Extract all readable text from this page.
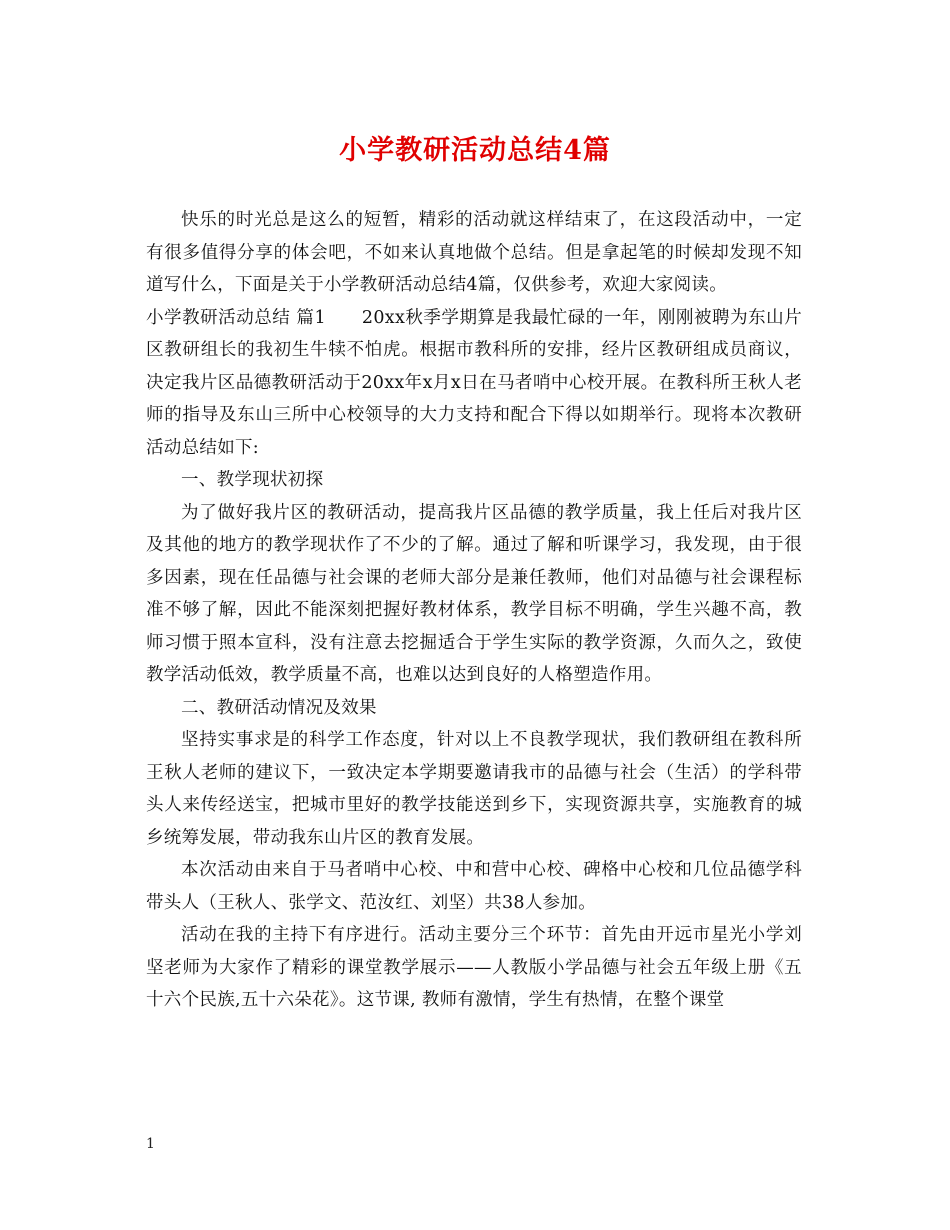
小学教研活动总结4篇

快乐的时光总是这么的短暂，精彩的活动就这样结束了，在这段活动中，一定有很多值得分享的体会吧，不如来认真地做个总结。但是拿起笔的时候却发现不知道写什么，下面是关于小学教研活动总结4篇，仅供参考，欢迎大家阅读。

小学教研活动总结 篇1 20xx秋季学期算是我最忙碌的一年，刚刚被聘为东山片区教研组长的我初生牛犊不怕虎。根据市教科所的安排，经片区教研组成员商议，决定我片区品德教研活动于20xx年x月x日在马者哨中心校开展。在教科所王秋人老师的指导及东山三所中心校领导的大力支持和配合下得以如期举行。现将本次教研活动总结如下:

一、教学现状初探

为了做好我片区的教研活动，提高我片区品德的教学质量，我上任后对我片区及其他的地方的教学现状作了不少的了解。通过了解和听课学习，我发现，由于很多因素，现在任品德与社会课的老师大部分是兼任教师，他们对品德与社会课程标准不够了解，因此不能深刻把握好教材体系，教学目标不明确，学生兴趣不高，教师习惯于照本宣科，没有注意去挖掘适合于学生实际的教学资源，久而久之，致使教学活动低效，教学质量不高，也难以达到良好的人格塑造作用。

二、教研活动情况及效果

坚持实事求是的科学工作态度，针对以上不良教学现状，我们教研组在教科所王秋人老师的建议下，一致决定本学期要邀请我市的品德与社会（生活）的学科带头人来传经送宝，把城市里好的教学技能送到乡下，实现资源共享，实施教育的城乡统筹发展，带动我东山片区的教育发展。

本次活动由来自于马者哨中心校、中和营中心校、碑格中心校和几位品德学科带头人（王秋人、张学文、范汝红、刘坚）共38人参加。

活动在我的主持下有序进行。活动主要分三个环节：首先由开远市星光小学刘坚老师为大家作了精彩的课堂教学展示——人教版小学品德与社会五年级上册《五十六个民族,五十六朵花》。这节课, 教师有激情，学生有热情，在整个课堂

1
